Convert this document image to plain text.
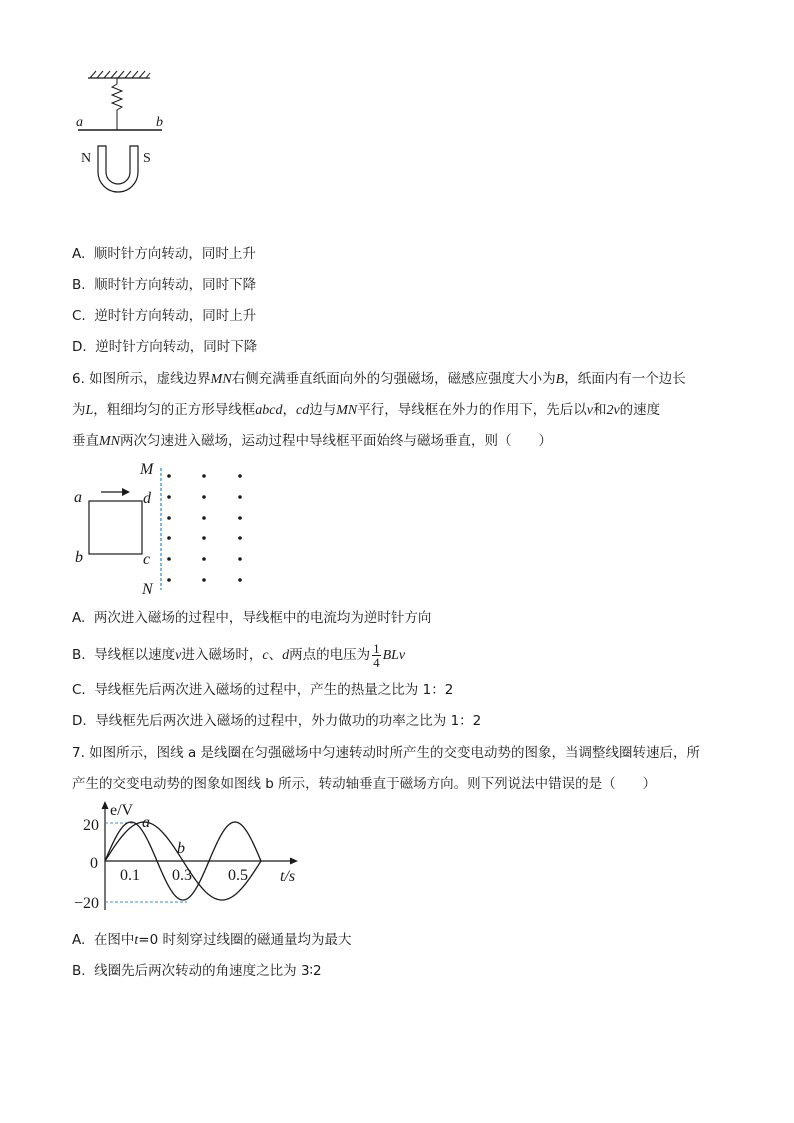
a	b
N	S
A. 顺时针方向转动，同时上升
B. 顺时针方向转动，同时下降
C. 逆时针方向转动，同时上升
D. 逆时针方向转动，同时下降
6. 如图所示，虚线边界MN右侧充满垂直纸面向外的匀强磁场，磁感应强度大小为B，纸面内有一个边长
为L，粗细均匀的正方形导线框abcd，cd边与MN平行，导线框在外力的作用下，先后以v和2v的速度
垂直MN两次匀速进入磁场，运动过程中导线框平面始终与磁场垂直，则（　　）
M
N
a
b	c
d
A. 两次进入磁场的过程中，导线框中的电流均为逆时针方向
B. 导线框以速度v进入磁场时，c、d两点的电压为 $\frac{1}{4}$ BLv
C. 导线框先后两次进入磁场的过程中，产生的热量之比为 1：2
D. 导线框先后两次进入磁场的过程中，外力做功的功率之比为 1：2
7. 如图所示，图线 a 是线圈在匀强磁场中匀速转动时所产生的交变电动势的图象，当调整线圈转速后，所
产生的交变电动势的图象如图线 b 所示，转动轴垂直于磁场方向。则下列说法中错误的是（　　）
e/V
t/s
20
0
−20
0.1 0.3 0.5
a
b
A. 在图中t=0 时刻穿过线圈的磁通量均为最大
B. 线圈先后两次转动的角速度之比为 3∶2
